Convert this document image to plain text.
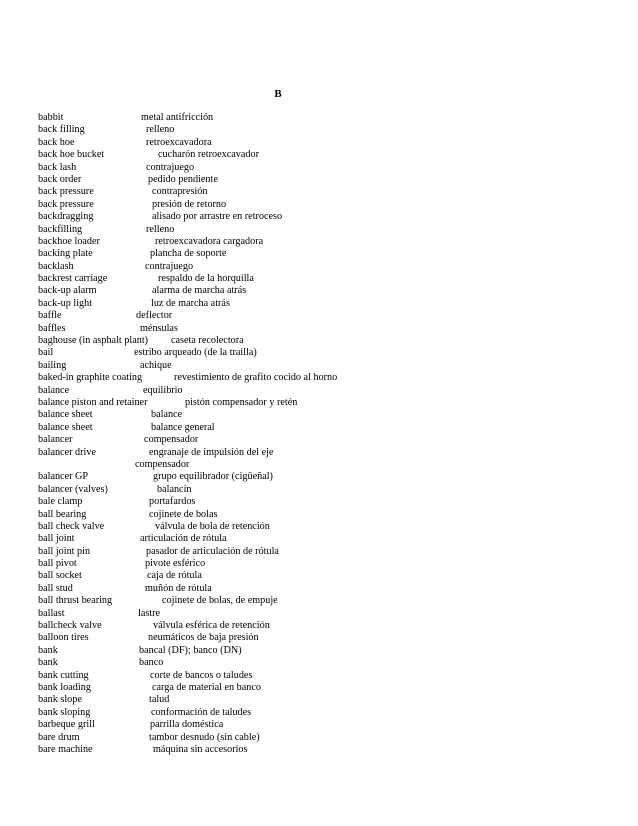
B
babbit	metal antifricción
back filling	relleno
back hoe	retroexcavadora
back hoe bucket	cucharón retroexcavador
back lash	contrajuego
back order	pedido pendiente
back pressure	contrapresión
back pressure	presión de retorno
backdragging	alisado por arrastre en retroceso
backfilling	relleno
backhoe loader	retroexcavadora cargadora
backing plate	plancha de soporte
backlash	contrajuego
backrest carriage	respaldo de la horquilla
back-up alarm	alarma de marcha atrás
back-up light	luz de marcha atrás
baffle	deflector
baffles	ménsulas
baghouse (in asphalt plant) caseta recolectora
bail	estribo arqueado (de la trailla)
bailing	achique
baked-in graphite coating	revestimiento de grafito cocido al horno
balance	equilibrio
balance piston and retainer	pistón compensador y retén
balance sheet	balance
balance sheet	balance general
balancer	compensador
balancer drive	engranaje de impulsión del eje
compensador
balancer GP	grupo equilibrador (cigüeñal)
balancer (valves)	balancín
bale clamp	portafardos
ball bearing	cojinete de bolas
ball check valve	válvula de bola de retención
ball joint	articulación de rótula
ball joint pin	pasador de articulación de rótula
ball pivot	pivote esférico
ball socket	caja de rótula
ball stud	muñón de rótula
ball thrust bearing	cojinete de bolas, de empuje
ballast	lastre
ballcheck valve	válvula esférica de retención
balloon tires	neumáticos de baja presión
bank	bancal (DF); banco (DN)
bank	banco
bank cutting	corte de bancos o taludes
bank loading	carga de material en banco
bank slope	talud
bank sloping	conformación de taludes
barbeque grill	parrilla doméstica
bare drum	tambor desnudo (sin cable)
bare machine	máquina sin accesorios
